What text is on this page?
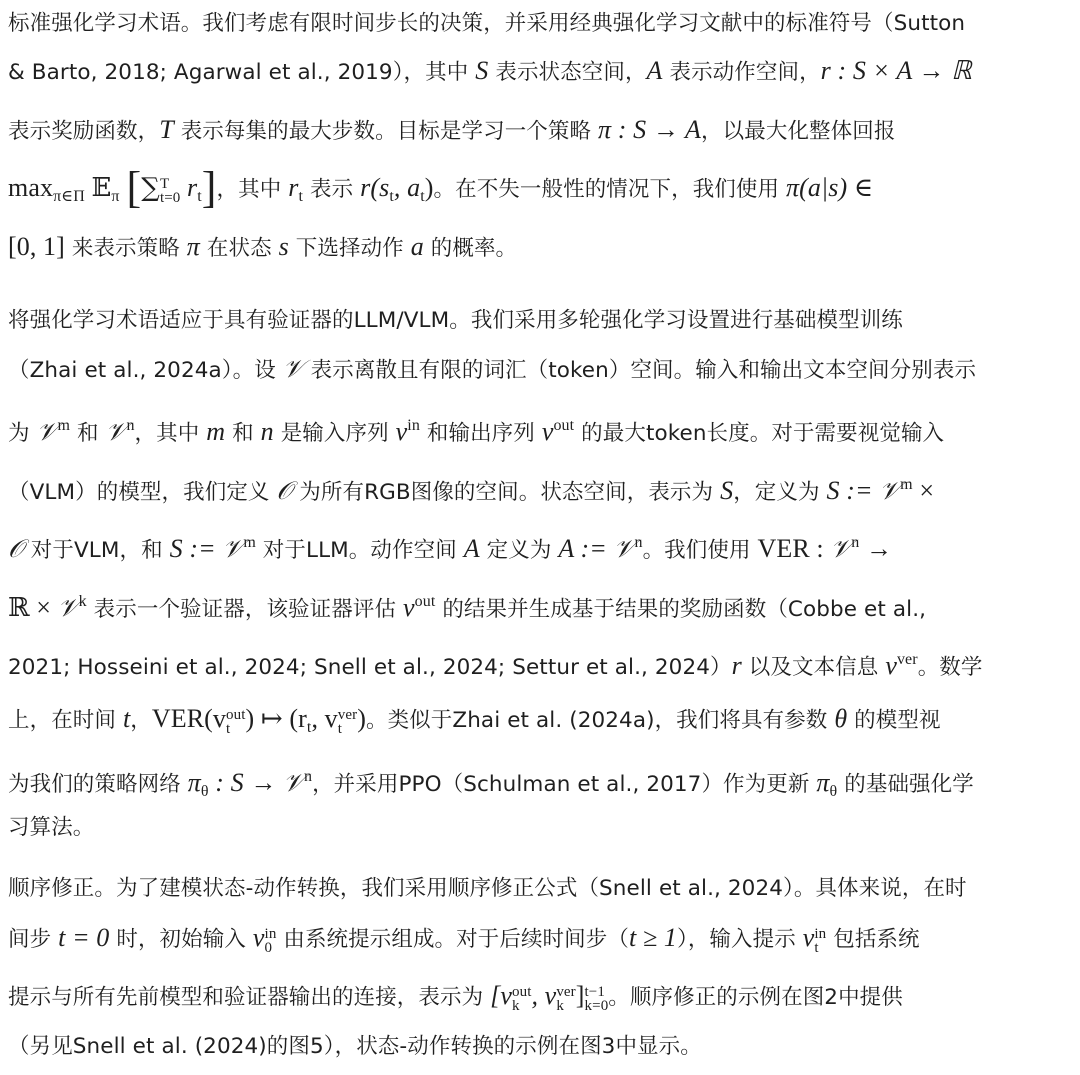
标准强化学习术语。我们考虑有限时间步长的决策，并采用经典强化学习文献中的标准符号（Sutton
& Barto, 2018; Agarwal et al., 2019），其中 S 表示状态空间，A 表示动作空间，r : S × A → ℝ
表示奖励函数，T 表示每集的最大步数。目标是学习一个策略 π : S → A，以最大化整体回报
$\max_{\pi\in\Pi}$ 𝔼$_\pi$ [∑ T
t=0 $r_t$]，其中 $r_t$ 表示 $r(s_t$, $a_t$)。在不失一般性的情况下，我们使用 π(a|s) ∈
[0, 1] 来表示策略 π 在状态 s 下选择动作 a 的概率。
将强化学习术语适应于具有验证器的LLM/VLM。我们采用多轮强化学习设置进行基础模型训练
（Zhai et al., 2024a）。设 𝒱 表示离散且有限的词汇（token）空间。输入和输出文本空间分别表示
为 𝒱$^m$ 和 𝒱$^n$，其中 m 和 n 是输入序列 $v^{in}$ 和输出序列 $v^{out}$ 的最大token长度。对于需要视觉输入
（VLM）的模型，我们定义 𝒪 为所有RGB图像的空间。状态空间，表示为 S，定义为 S := 𝒱$^m$ ×
𝒪 对于VLM，和 S := 𝒱$^m$ 对于LLM。动作空间 A 定义为 A := 𝒱$^n$。我们使用 VER : 𝒱$^n$ →
ℝ × 𝒱$^k$ 表示一个验证器，该验证器评估 $v^{out}$ 的结果并生成基于结果的奖励函数（Cobbe et al.,
2021; Hosseini et al., 2024; Snell et al., 2024; Settur et al., 2024）r 以及文本信息 $v^{ver}$。数学
上，在时间 t，VER(v out
t ) ↦ ($r_t$, v ver
t )。类似于Zhai et al. (2024a)，我们将具有参数 θ 的模型视
为我们的策略网络 $\pi_\theta$ : S → 𝒱$^n$，并采用PPO（Schulman et al., 2017）作为更新 $\pi_\theta$ 的基础强化学
习算法。
顺序修正。为了建模状态-动作转换，我们采用顺序修正公式（Snell et al., 2024）。具体来说，在时
间步 t = 0 时，初始输入 v in
0 由系统提示组成。对于后续时间步（t ≥ 1），输入提示 v in
t 包括系统
提示与所有先前模型和验证器输出的连接，表示为 [v out
k , v ver
k ] t−1
k=0 。顺序修正的示例在图2中提供
（另见Snell et al. (2024)的图5），状态-动作转换的示例在图3中显示。
